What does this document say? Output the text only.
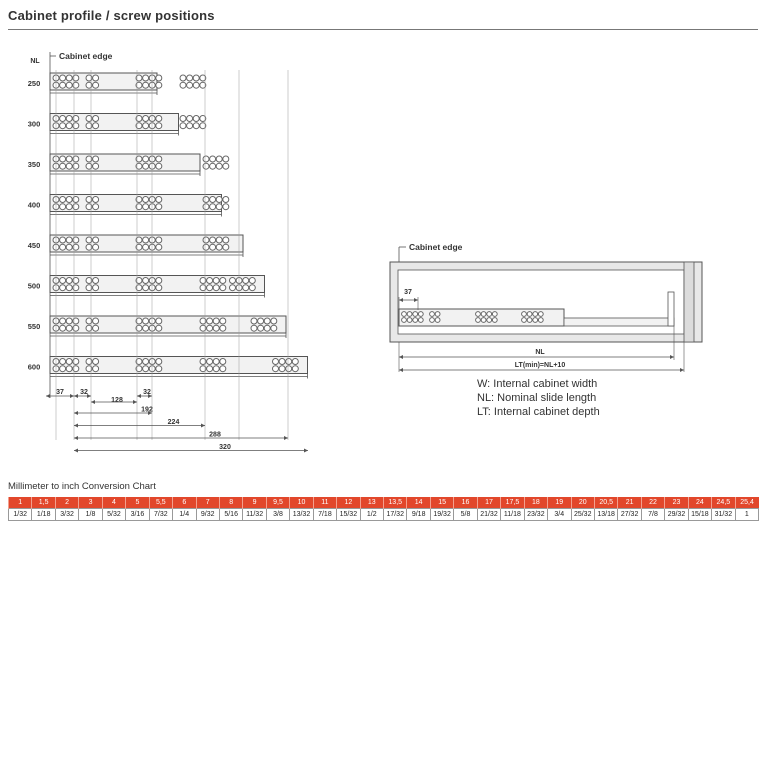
Cabinet profile / screw positions
NL
Cabinet edge
250
300
350
400
450
500
550
600
37 32
128
32
192
224
288
320
Cabinet edge
37
NL
LT(min)=NL+10
W: Internal cabinet width
NL: Nominal slide length
LT: Internal cabinet depth
Millimeter to inch Conversion Chart
1	1,5	2	3	4	5	5,5	6	7	8	9	9,5	10	11	12	13	13,5	14	15	16	17	17,5	18	19	20	20,5	21	22	23	24	24,5	25,4
1/32	1/18	3/32	1/8	5/32	3/16	7/32	1/4	9/32	5/16	11/32	3/8	13/32	7/18	15/32	1/2	17/32	9/18	19/32	5/8	21/32	11/18	23/32	3/4	25/32	13/18	27/32	7/8	29/32	15/18	31/32	1
